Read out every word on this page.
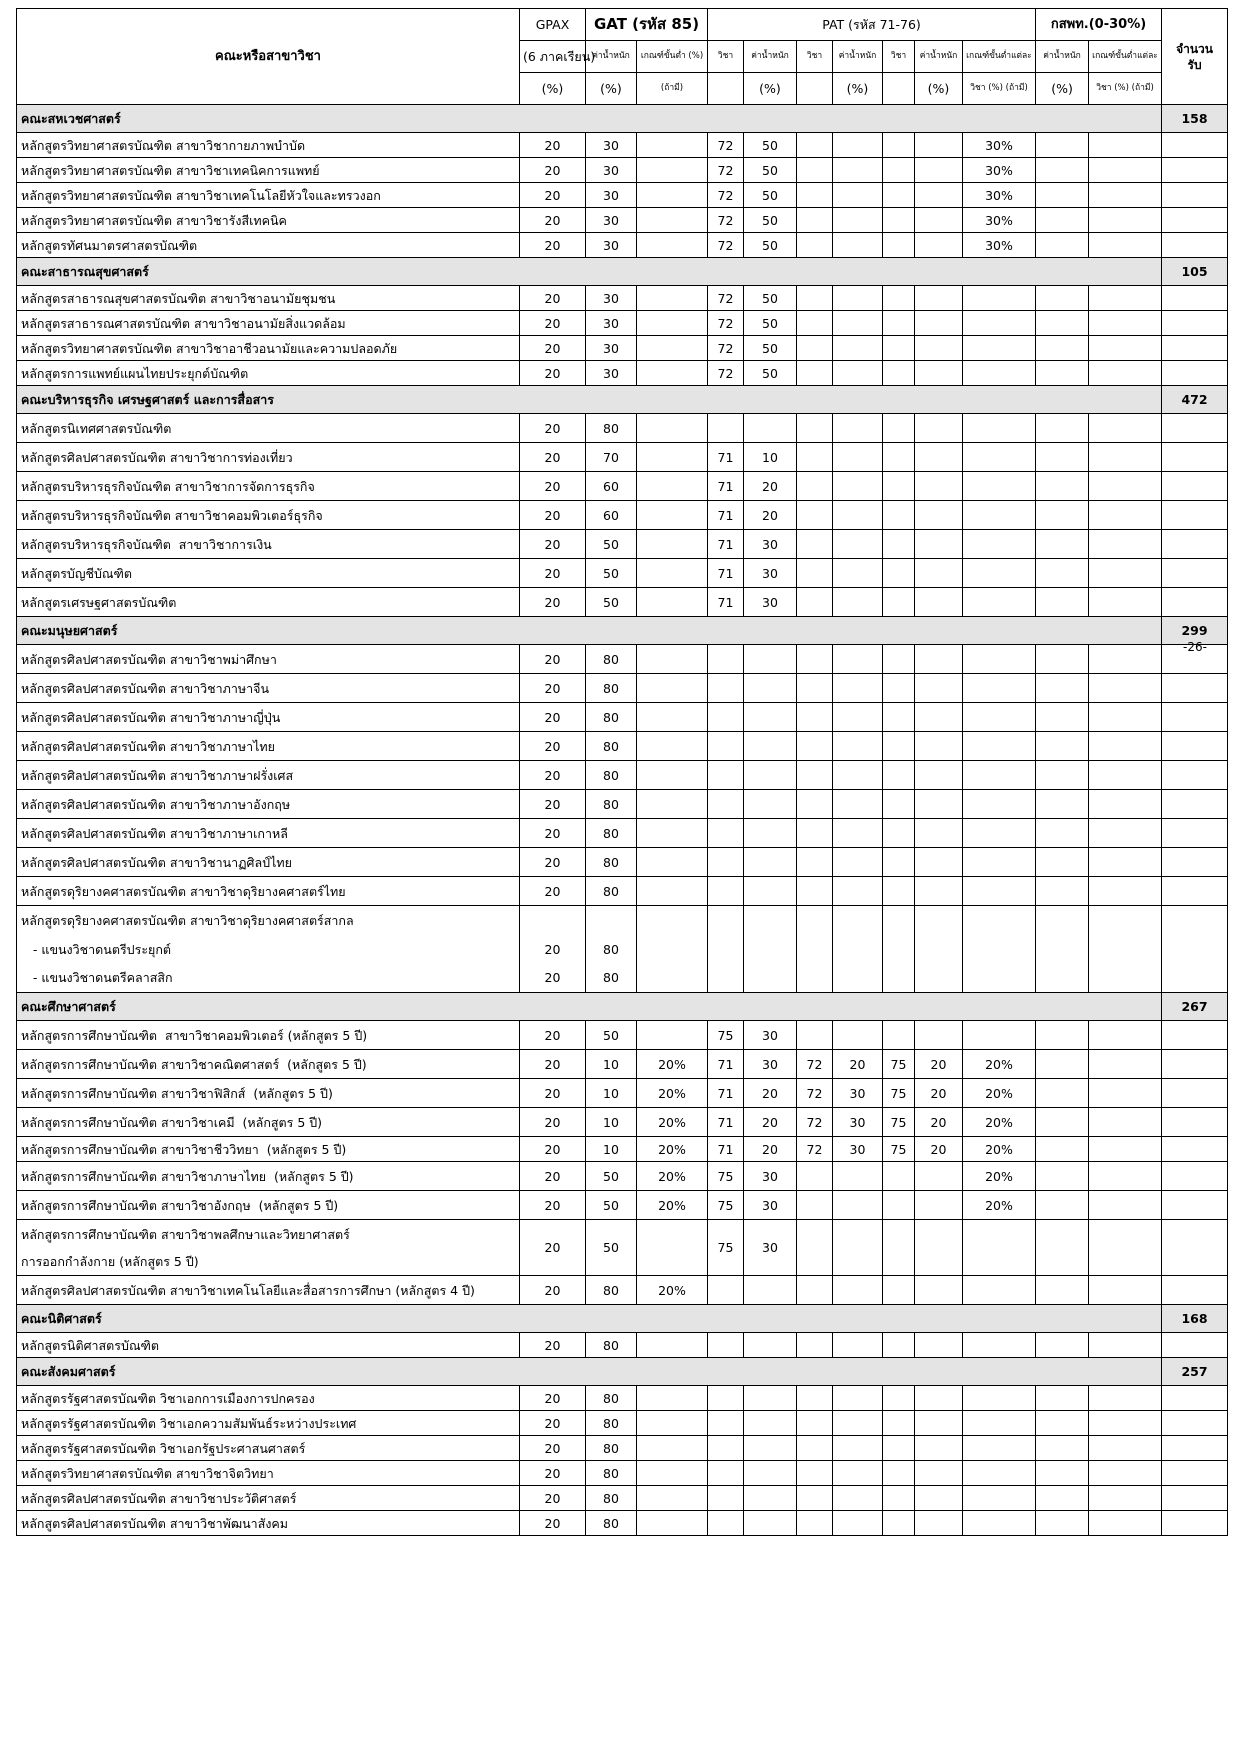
คณะหรือสาขาวิชา	GPAX	GAT (รหัส 85)		PAT (รหัส 71-76)							กสพท.(0-30%)		จำนวน
รับ	
	(6 ภาคเรียน)	ค่าน้ำหนัก	เกณฑ์ขั้นต่ำ (%)	วิชา	ค่าน้ำหนัก	วิชา	ค่าน้ำหนัก	วิชา	ค่าน้ำหนัก	เกณฑ์ขั้นต่ำแต่ละ	ค่าน้ำหนัก	เกณฑ์ขั้นต่ำแต่ละ		
	(%)	(%)	(ถ้ามี)		(%)		(%)		(%)	วิชา (%) (ถ้ามี)	(%)	วิชา (%) (ถ้ามี)		
คณะสหเวชศาสตร์													158	
หลักสูตรวิทยาศาสตรบัณฑิต สาขาวิชากายภาพบำบัด	20	30		72	50					30%				
หลักสูตรวิทยาศาสตรบัณฑิต สาขาวิชาเทคนิคการแพทย์	20	30		72	50					30%				
หลักสูตรวิทยาศาสตรบัณฑิต สาขาวิชาเทคโนโลยีหัวใจและทรวงอก	20	30		72	50					30%				
หลักสูตรวิทยาศาสตรบัณฑิต สาขาวิชารังสีเทคนิค	20	30		72	50					30%				
หลักสูตรทัศนมาตรศาสตรบัณฑิต	20	30		72	50					30%				
คณะสาธารณสุขศาสตร์													105	
หลักสูตรสาธารณสุขศาสตรบัณฑิต สาขาวิชาอนามัยชุมชน	20	30		72	50									
หลักสูตรสาธารณศาสตรบัณฑิต สาขาวิชาอนามัยสิ่งแวดล้อม	20	30		72	50									
หลักสูตรวิทยาศาสตรบัณฑิต สาขาวิชาอาชีวอนามัยและความปลอดภัย	20	30		72	50									
หลักสูตรการแพทย์แผนไทยประยุกต์บัณฑิต	20	30		72	50									
คณะบริหารธุรกิจ เศรษฐศาสตร์ และการสื่อสาร													472	
หลักสูตรนิเทศศาสตรบัณฑิต	20	80												
หลักสูตรศิลปศาสตรบัณฑิต สาขาวิชาการท่องเที่ยว	20	70		71	10									
หลักสูตรบริหารธุรกิจบัณฑิต สาขาวิชาการจัดการธุรกิจ	20	60		71	20									
หลักสูตรบริหารธุรกิจบัณฑิต สาขาวิชาคอมพิวเตอร์ธุรกิจ	20	60		71	20									
หลักสูตรบริหารธุรกิจบัณฑิต  สาขาวิชาการเงิน	20	50		71	30									
หลักสูตรบัญชีบัณฑิต	20	50		71	30									
หลักสูตรเศรษฐศาสตรบัณฑิต	20	50		71	30									
คณะมนุษยศาสตร์													299	
หลักสูตรศิลปศาสตรบัณฑิต สาขาวิชาพม่าศึกษา	20	80												
หลักสูตรศิลปศาสตรบัณฑิต สาขาวิชาภาษาจีน	20	80												
หลักสูตรศิลปศาสตรบัณฑิต สาขาวิชาภาษาญี่ปุ่น	20	80												
หลักสูตรศิลปศาสตรบัณฑิต สาขาวิชาภาษาไทย	20	80												
หลักสูตรศิลปศาสตรบัณฑิต สาขาวิชาภาษาฝรั่งเศส	20	80												
หลักสูตรศิลปศาสตรบัณฑิต สาขาวิชาภาษาอังกฤษ	20	80												
หลักสูตรศิลปศาสตรบัณฑิต สาขาวิชาภาษาเกาหลี	20	80												
หลักสูตรศิลปศาสตรบัณฑิต สาขาวิชานาฏศิลป์ไทย	20	80												
หลักสูตรดุริยางคศาสตรบัณฑิต สาขาวิชาดุริยางคศาสตร์ไทย	20	80												
หลักสูตรดุริยางคศาสตรบัณฑิต สาขาวิชาดุริยางคศาสตร์สากล														
- แขนงวิชาดนตรีประยุกต์	20	80												
- แขนงวิชาดนตรีคลาสสิก	20	80												
คณะศึกษาศาสตร์													267	
หลักสูตรการศึกษาบัณฑิต  สาขาวิชาคอมพิวเตอร์ (หลักสูตร 5 ปี)	20	50		75	30									
หลักสูตรการศึกษาบัณฑิต สาขาวิชาคณิตศาสตร์  (หลักสูตร 5 ปี)	20	10	20%	71	30	72	20	75	20	20%				
หลักสูตรการศึกษาบัณฑิต สาขาวิชาฟิสิกส์  (หลักสูตร 5 ปี)	20	10	20%	71	20	72	30	75	20	20%				
หลักสูตรการศึกษาบัณฑิต สาขาวิชาเคมี  (หลักสูตร 5 ปี)	20	10	20%	71	20	72	30	75	20	20%				
หลักสูตรการศึกษาบัณฑิต สาขาวิชาชีววิทยา  (หลักสูตร 5 ปี)	20	10	20%	71	20	72	30	75	20	20%				
หลักสูตรการศึกษาบัณฑิต สาขาวิชาภาษาไทย  (หลักสูตร 5 ปี)	20	50	20%	75	30					20%				
หลักสูตรการศึกษาบัณฑิต สาขาวิชาอังกฤษ  (หลักสูตร 5 ปี)	20	50	20%	75	30					20%				

หลักสูตรการศึกษาบัณฑิต สาขาวิชาพลศึกษาและวิทยาศาสตร์
การออกกำลังกาย (หลักสูตร 5 ปี)	20	50		75	30									
หลักสูตรศิลปศาสตรบัณฑิต สาขาวิชาเทคโนโลยีและสื่อสารการศึกษา (หลักสูตร 4 ปี)	20	80	20%											
คณะนิติศาสตร์													168	
หลักสูตรนิติศาสตรบัณฑิต	20	80												
คณะสังคมศาสตร์													257	
หลักสูตรรัฐศาสตรบัณฑิต วิชาเอกการเมืองการปกครอง	20	80												
หลักสูตรรัฐศาสตรบัณฑิต วิชาเอกความสัมพันธ์ระหว่างประเทศ	20	80												
หลักสูตรรัฐศาสตรบัณฑิต วิชาเอกรัฐประศาสนศาสตร์	20	80												
หลักสูตรวิทยาศาสตรบัณฑิต สาขาวิชาจิตวิทยา	20	80												
หลักสูตรศิลปศาสตรบัณฑิต สาขาวิชาประวัติศาสตร์	20	80												
หลักสูตรศิลปศาสตรบัณฑิต สาขาวิชาพัฒนาสังคม	20	80												
-26-
